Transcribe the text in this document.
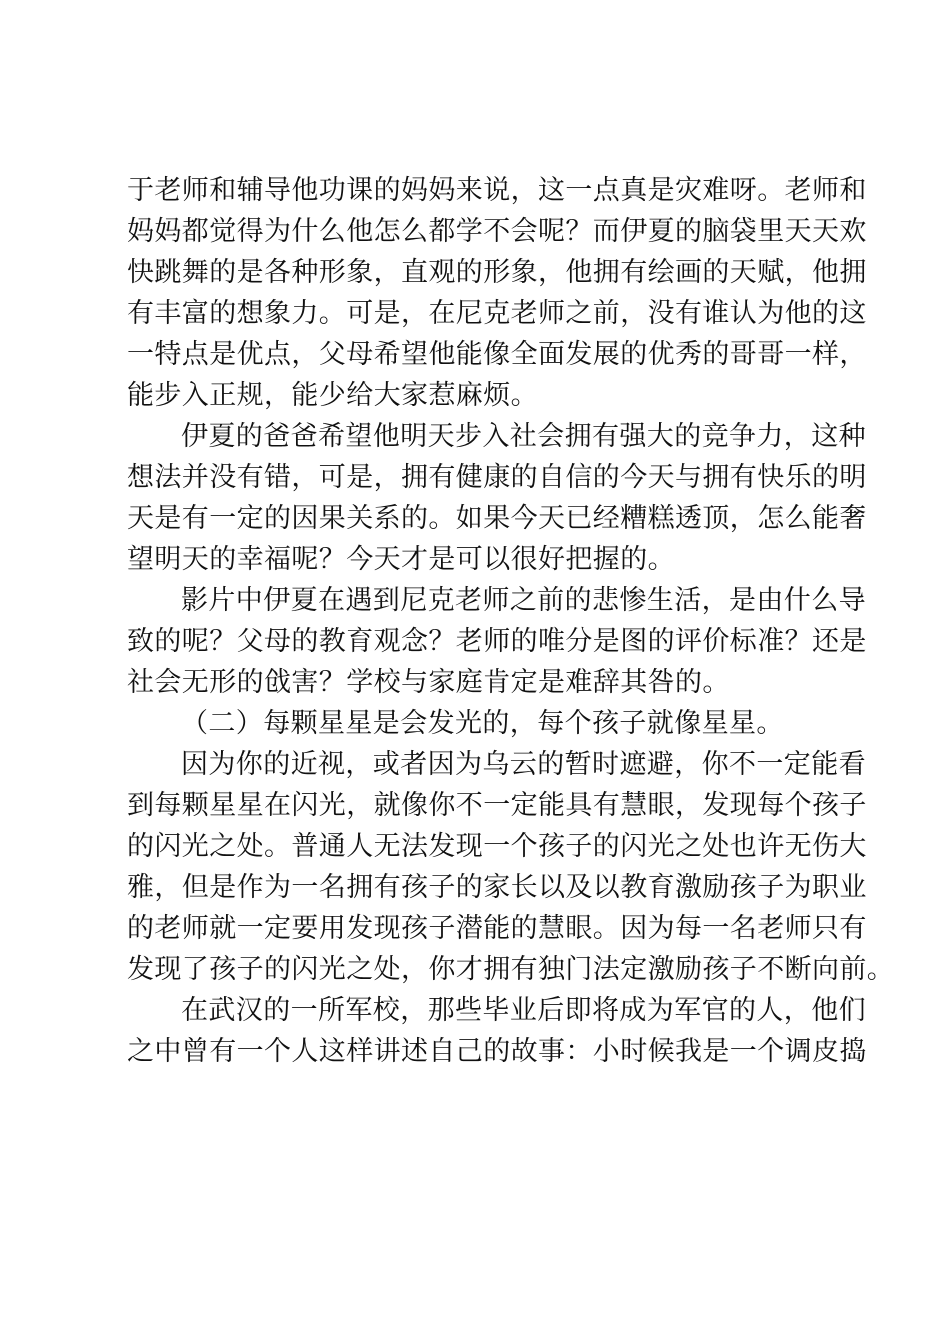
于老师和辅导他功课的妈妈来说，这一点真是灾难呀。老师和
妈妈都觉得为什么他怎么都学不会呢？而伊夏的脑袋里天天欢
快跳舞的是各种形象，直观的形象，他拥有绘画的天赋，他拥
有丰富的想象力。可是，在尼克老师之前，没有谁认为他的这
一特点是优点，父母希望他能像全面发展的优秀的哥哥一样，
能步入正规，能少给大家惹麻烦。
伊夏的爸爸希望他明天步入社会拥有强大的竞争力，这种
想法并没有错，可是，拥有健康的自信的今天与拥有快乐的明
天是有一定的因果关系的。如果今天已经糟糕透顶，怎么能奢
望明天的幸福呢？今天才是可以很好把握的。
影片中伊夏在遇到尼克老师之前的悲惨生活，是由什么导
致的呢？父母的教育观念？老师的唯分是图的评价标准？还是
社会无形的戗害？学校与家庭肯定是难辞其咎的。
（二）每颗星星是会发光的，每个孩子就像星星。
因为你的近视，或者因为乌云的暂时遮避，你不一定能看
到每颗星星在闪光，就像你不一定能具有慧眼，发现每个孩子
的闪光之处。普通人无法发现一个孩子的闪光之处也许无伤大
雅，但是作为一名拥有孩子的家长以及以教育激励孩子为职业
的老师就一定要用发现孩子潜能的慧眼。因为每一名老师只有
发现了孩子的闪光之处，你才拥有独门法定激励孩子不断向前。
在武汉的一所军校，那些毕业后即将成为军官的人，他们
之中曾有一个人这样讲述自己的故事：小时候我是一个调皮捣
